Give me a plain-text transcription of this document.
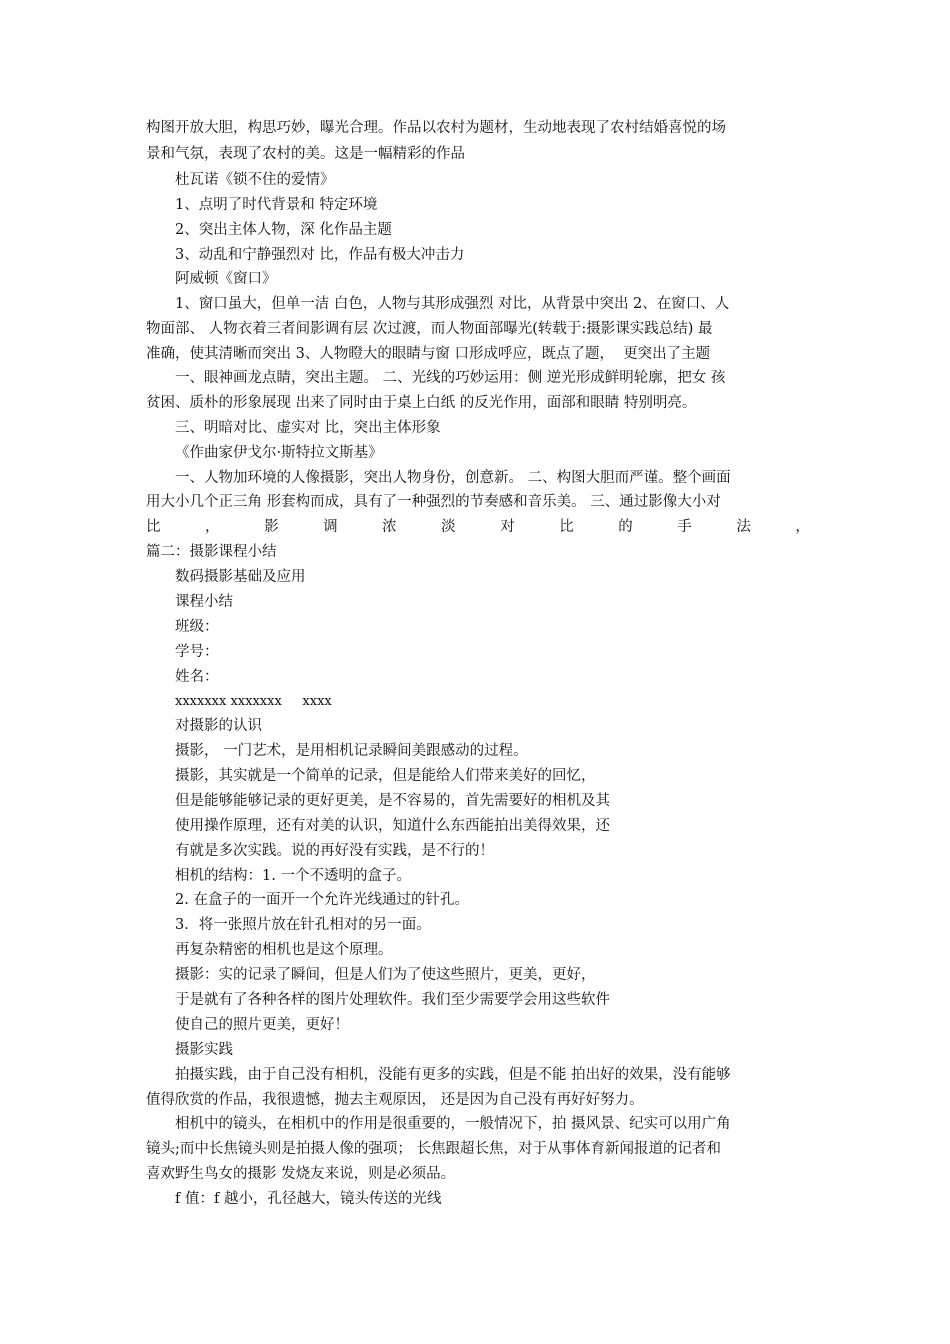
构图开放大胆，构思巧妙，曝光合理。作品以农村为题材，生动地表现了农村结婚喜悦的场
景和气氛，表现了农村的美。这是一幅精彩的作品
杜瓦诺《锁不住的爱情》
1、点明了时代背景和 特定环境
2、突出主体人物，深 化作品主题
3、动乱和宁静强烈对 比，作品有极大冲击力
阿威顿《窗口》
1、窗口虽大，但单一洁 白色，人物与其形成强烈 对比，从背景中突出 2、在窗口、人
物面部、 人物衣着三者间影调有层 次过渡，而人物面部曝光(转载于:摄影课实践总结) 最
准确，使其清晰而突出 3、人物瞪大的眼睛与窗 口形成呼应，既点了题，  更突出了主题
一、眼神画龙点睛，突出主题。 二、光线的巧妙运用：侧 逆光形成鲜明轮廓，把女 孩
贫困、质朴的形象展现 出来了同时由于桌上白纸 的反光作用，面部和眼睛 特别明亮。
三、明暗对比、虚实对 比，突出主体形象
《作曲家伊戈尔·斯特拉文斯基》
一、人物加环境的人像摄影，突出人物身份，创意新。 二、构图大胆而严谨。整个画面
用大小几个正三角 形套构而成，具有了一种强烈的节奏感和音乐美。 三、通过影像大小对
比	，	影	调	浓	淡	对	比	的	手	法	，
篇二：摄影课程小结
数码摄影基础及应用
课程小结
班级：
学号：
姓名：
xxxxxxx xxxxxxx     xxxx
对摄影的认识
摄影， 一门艺术，是用相机记录瞬间美跟感动的过程。
摄影，其实就是一个简单的记录，但是能给人们带来美好的回忆，
但是能够能够记录的更好更美，是不容易的，首先需要好的相机及其
使用操作原理，还有对美的认识，知道什么东西能拍出美得效果，还
有就是多次实践。说的再好没有实践，是不行的！
相机的结构：1. 一个不透明的盒子。
2. 在盒子的一面开一个允许光线通过的针孔。
3．将一张照片放在针孔相对的另一面。
再复杂精密的相机也是这个原理。
摄影：实的记录了瞬间，但是人们为了使这些照片，更美，更好，
于是就有了各种各样的图片处理软件。我们至少需要学会用这些软件
使自己的照片更美，更好！
摄影实践
拍摄实践，由于自己没有相机，没能有更多的实践，但是不能 拍出好的效果，没有能够
值得欣赏的作品，我很遗憾，抛去主观原因， 还是因为自己没有再好好努力。
相机中的镜头，在相机中的作用是很重要的，一般情况下，拍 摄风景、纪实可以用广角
镜头;而中长焦镜头则是拍摄人像的强项； 长焦跟超长焦，对于从事体育新闻报道的记者和
喜欢野生鸟女的摄影 发烧友来说，则是必须品。
f 值：f 越小，孔径越大，镜头传送的光线
